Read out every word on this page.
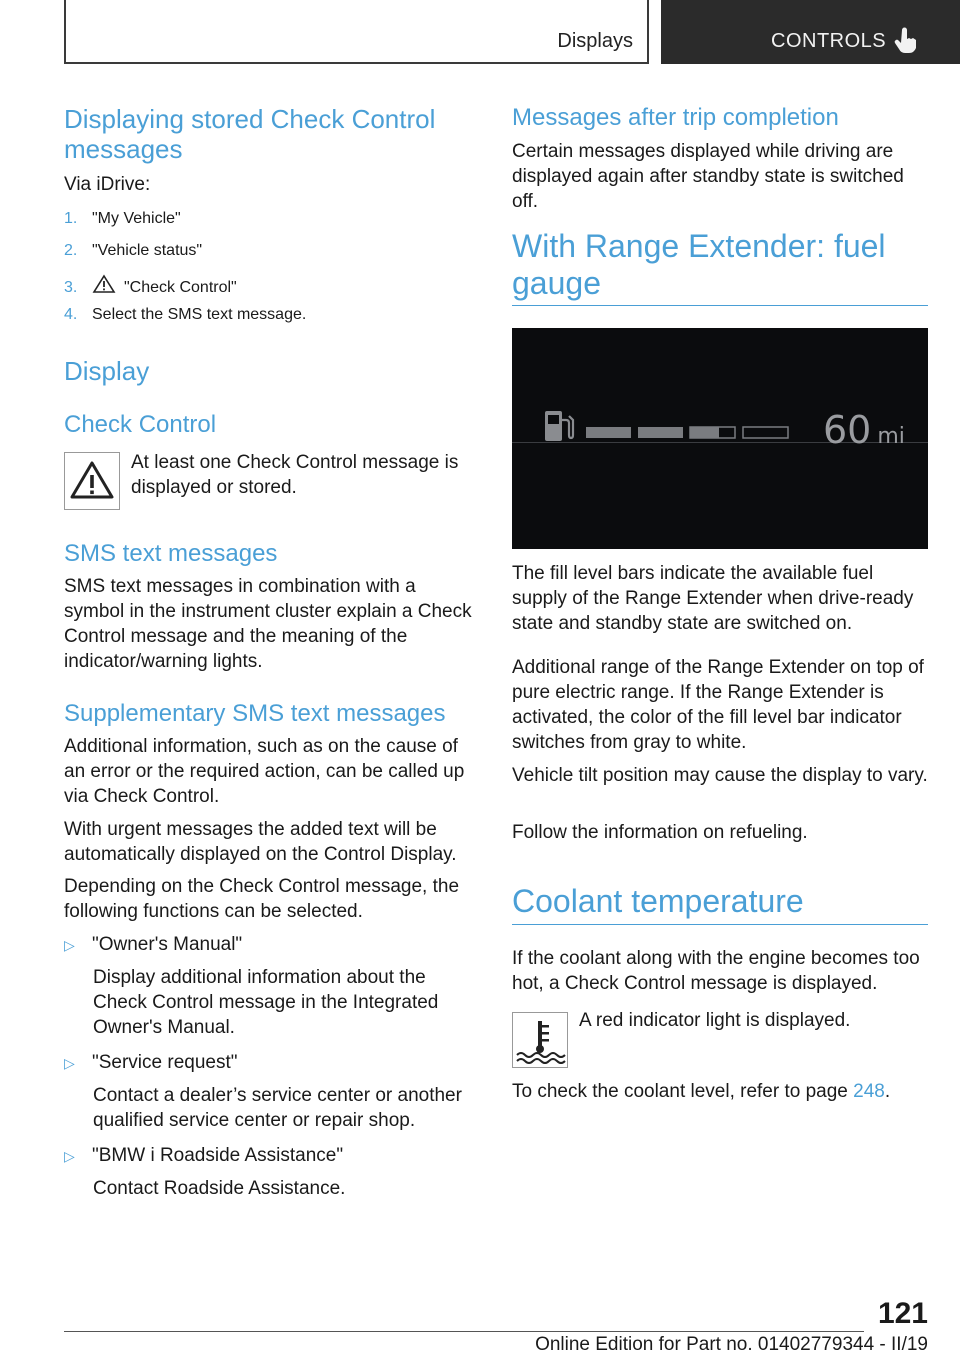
Displays	CONTROLS
Displaying stored Check Control messages

Via iDrive:

1. "My Vehicle"
2. "Vehicle status"
3.	"Check Control"
4. Select the SMS text message.
Display
Check Control

At least one Check Control message is displayed or stored.

SMS text messages

SMS text messages in combination with a symbol in the instrument cluster explain a Check Control message and the meaning of the indicator/warning lights.

Supplementary SMS text messages

Additional information, such as on the cause of an error or the required action, can be called up via Check Control.

With urgent messages the added text will be automatically displayed on the Control Display.

Depending on the Check Control message, the following functions can be selected.

▷ "Owner's Manual"

Display additional information about the Check Control message in the Integrated Owner's Manual.

▷ "Service request"

Contact a dealer’s service center or another qualified service center or repair shop.

▷ "BMW i Roadside Assistance"

Contact Roadside Assistance.

Messages after trip completion

Certain messages displayed while driving are displayed again after standby state is switched off.

With Range Extender: fuel gauge
60 mi

The fill level bars indicate the available fuel supply of the Range Extender when drive-ready state and standby state are switched on.

Additional range of the Range Extender on top of pure electric range. If the Range Extender is activated, the color of the fill level bar indicator switches from gray to white.

Vehicle tilt position may cause the display to vary.

Follow the information on refueling.

Coolant temperature

If the coolant along with the engine becomes too hot, a Check Control message is displayed.

A red indicator light is displayed.

To check the coolant level, refer to page 248.

121
Online Edition for Part no. 01402779344 - II/19
